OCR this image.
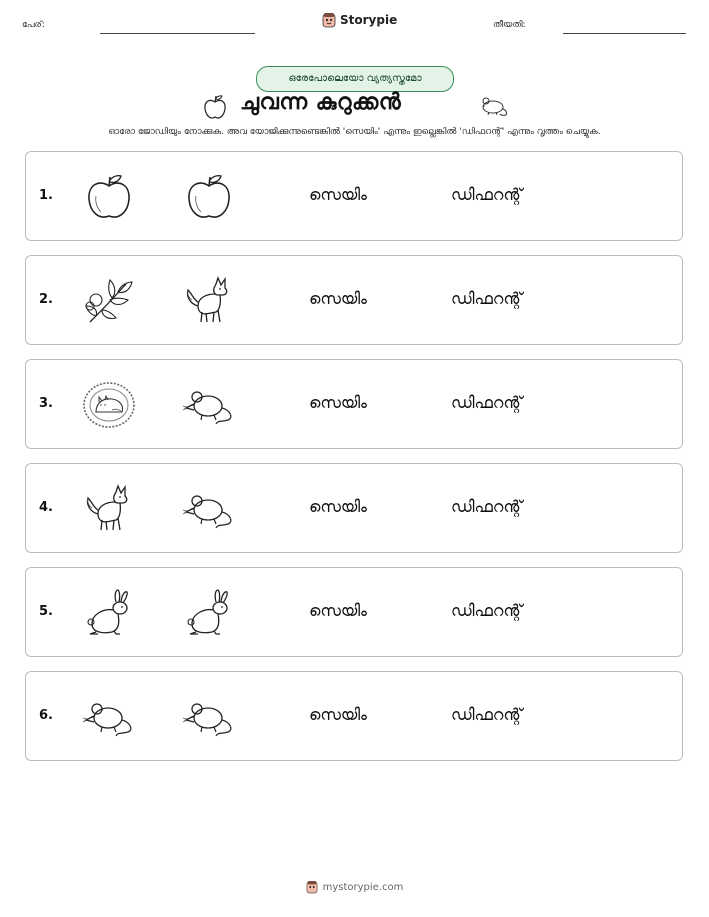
പേര്:	Storypie	തീയതി:
ഒരേപോലെയോ വ്യത്യസ്തമോ
ചുവന്ന കുറുക്കൻ
ഓരോ ജോഡിയും നോക്കുക. അവ യോജിക്കുന്നുണ്ടെങ്കിൽ 'സെയിം' എന്നും ഇല്ലെങ്കിൽ 'ഡിഫറന്റ്' എന്നും വൃത്തം ചെയ്യുക.
1.	സെയിം	ഡിഫറന്റ്
2.	സെയിം	ഡിഫറന്റ്
3.	സെയിം	ഡിഫറന്റ്
4.	സെയിം	ഡിഫറന്റ്
5.	സെയിം	ഡിഫറന്റ്
6.	സെയിം	ഡിഫറന്റ്
mystorypie.com
